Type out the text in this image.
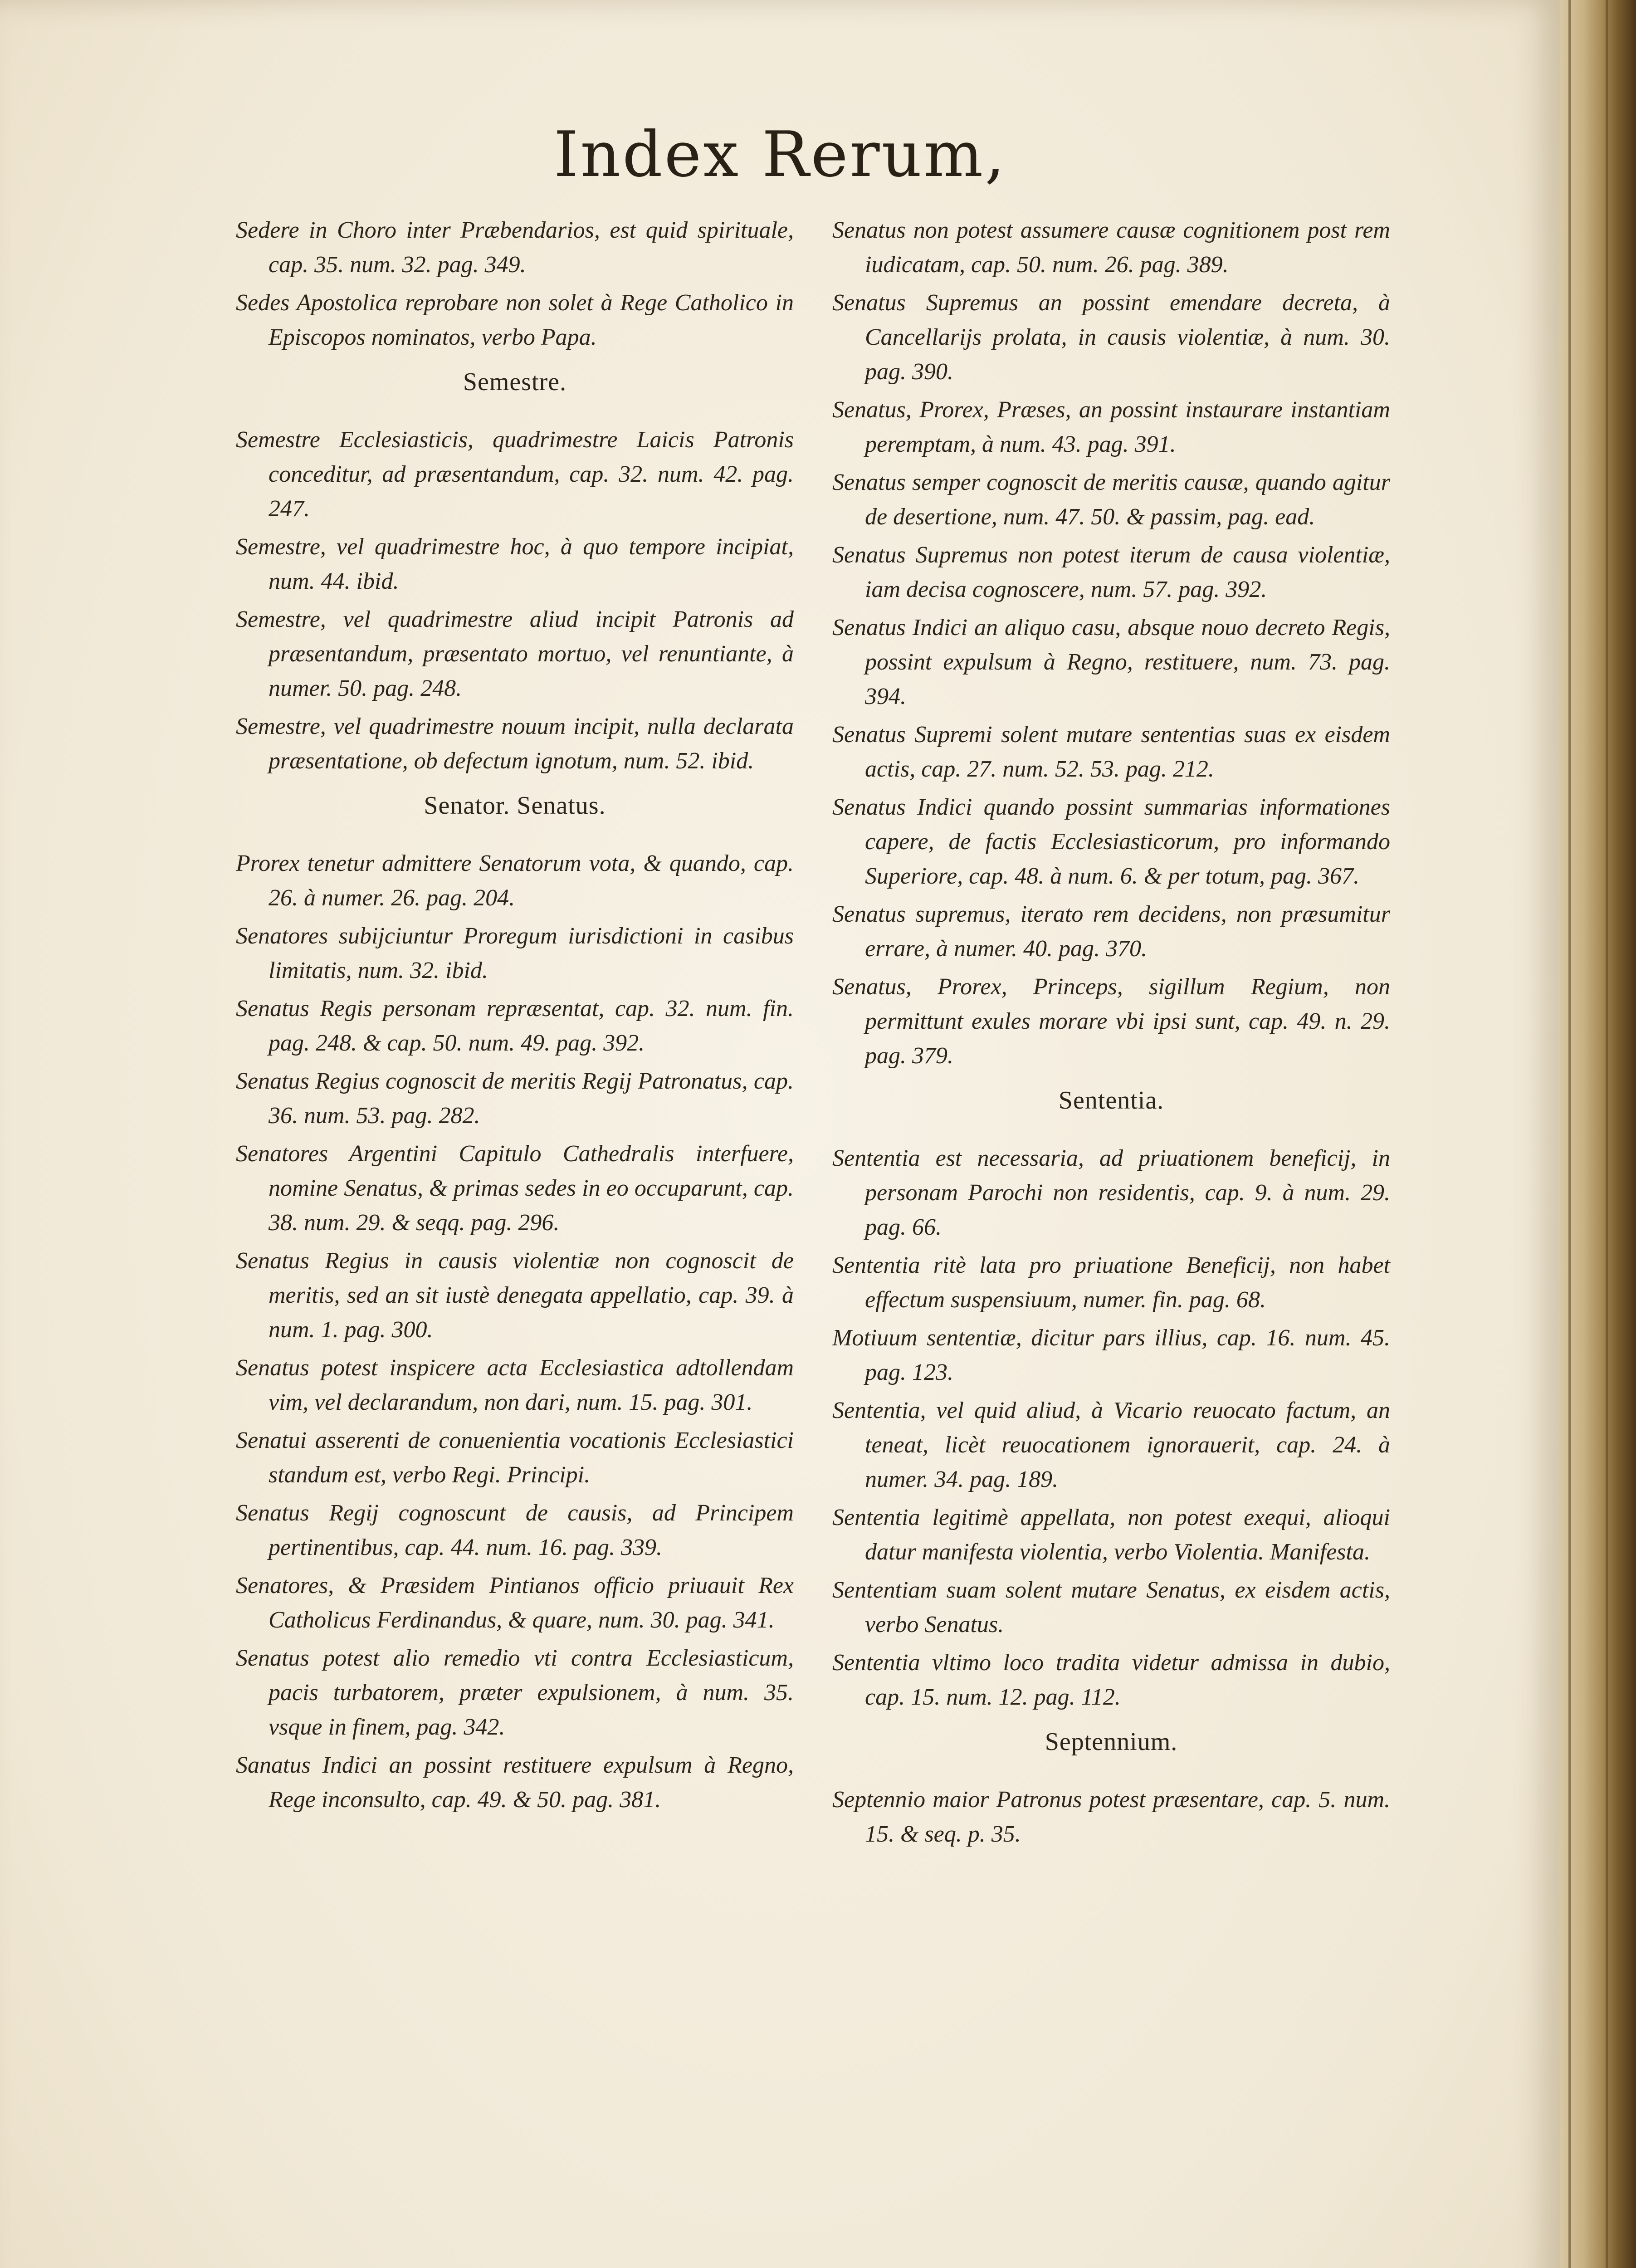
Index Rerum,
Sedere in Choro inter Præbendarios, est quid spirituale, cap. 35. num. 32. pag. 349.
Sedes Apostolica reprobare non solet à Rege Catholico in Episcopos nominatos, verbo Papa.
Semestre.
Semestre Ecclesiasticis, quadrimestre Laicis Patronis conceditur, ad præsentandum, cap. 32. num. 42. pag. 247.
Semestre, vel quadrimestre hoc, à quo tempore incipiat, num. 44. ibid.
Semestre, vel quadrimestre aliud incipit Patronis ad præsentandum, præsentato mortuo, vel renuntiante, à numer. 50. pag. 248.
Semestre, vel quadrimestre nouum incipit, nulla declarata præsentatione, ob defectum ignotum, num. 52. ibid.
Senator. Senatus.
Prorex tenetur admittere Senatorum vota, & quando, cap. 26. à numer. 26. pag. 204.
Senatores subijciuntur Proregum iurisdictioni in casibus limitatis, num. 32. ibid.
Senatus Regis personam repræsentat, cap. 32. num. fin. pag. 248. & cap. 50. num. 49. pag. 392.
Senatus Regius cognoscit de meritis Regij Patronatus, cap. 36. num. 53. pag. 282.
Senatores Argentini Capitulo Cathedralis interfuere, nomine Senatus, & primas sedes in eo occuparunt, cap. 38. num. 29. & seqq. pag. 296.
Senatus Regius in causis violentiæ non cognoscit de meritis, sed an sit iustè denegata appellatio, cap. 39. à num. 1. pag. 300.
Senatus potest inspicere acta Ecclesiastica adtollendam vim, vel declarandum, non dari, num. 15. pag. 301.
Senatui asserenti de conuenientia vocationis Ecclesiastici standum est, verbo Regi. Principi.
Senatus Regij cognoscunt de causis, ad Principem pertinentibus, cap. 44. num. 16. pag. 339.
Senatores, & Præsidem Pintianos officio priuauit Rex Catholicus Ferdinandus, & quare, num. 30. pag. 341.
Senatus potest alio remedio vti contra Ecclesiasticum, pacis turbatorem, præter expulsionem, à num. 35. vsque in finem, pag. 342.
Sanatus Indici an possint restituere expulsum à Regno, Rege inconsulto, cap. 49. & 50. pag. 381.
Senatus non potest assumere causæ cognitionem post rem iudicatam, cap. 50. num. 26. pag. 389.
Senatus Supremus an possint emendare decreta, à Cancellarijs prolata, in causis violentiæ, à num. 30. pag. 390.
Senatus, Prorex, Præses, an possint instaurare instantiam peremptam, à num. 43. pag. 391.
Senatus semper cognoscit de meritis causæ, quando agitur de desertione, num. 47. 50. & passim, pag. ead.
Senatus Supremus non potest iterum de causa violentiæ, iam decisa cognoscere, num. 57. pag. 392.
Senatus Indici an aliquo casu, absque nouo decreto Regis, possint expulsum à Regno, restituere, num. 73. pag. 394.
Senatus Supremi solent mutare sententias suas ex eisdem actis, cap. 27. num. 52. 53. pag. 212.
Senatus Indici quando possint summarias informationes capere, de factis Ecclesiasticorum, pro informando Superiore, cap. 48. à num. 6. & per totum, pag. 367.
Senatus supremus, iterato rem decidens, non præsumitur errare, à numer. 40. pag. 370.
Senatus, Prorex, Princeps, sigillum Regium, non permittunt exules morare vbi ipsi sunt, cap. 49. n. 29. pag. 379.
Sententia.
Sententia est necessaria, ad priuationem beneficij, in personam Parochi non residentis, cap. 9. à num. 29. pag. 66.
Sententia ritè lata pro priuatione Beneficij, non habet effectum suspensiuum, numer. fin. pag. 68.
Motiuum sententiæ, dicitur pars illius, cap. 16. num. 45. pag. 123.
Sententia, vel quid aliud, à Vicario reuocato factum, an teneat, licèt reuocationem ignorauerit, cap. 24. à numer. 34. pag. 189.
Sententia legitimè appellata, non potest exequi, alioqui datur manifesta violentia, verbo Violentia. Manifesta.
Sententiam suam solent mutare Senatus, ex eisdem actis, verbo Senatus.
Sententia vltimo loco tradita videtur admissa in dubio, cap. 15. num. 12. pag. 112.
Septennium.
Septennio maior Patronus potest præsentare, cap. 5. num. 15. & seq. p. 35.
